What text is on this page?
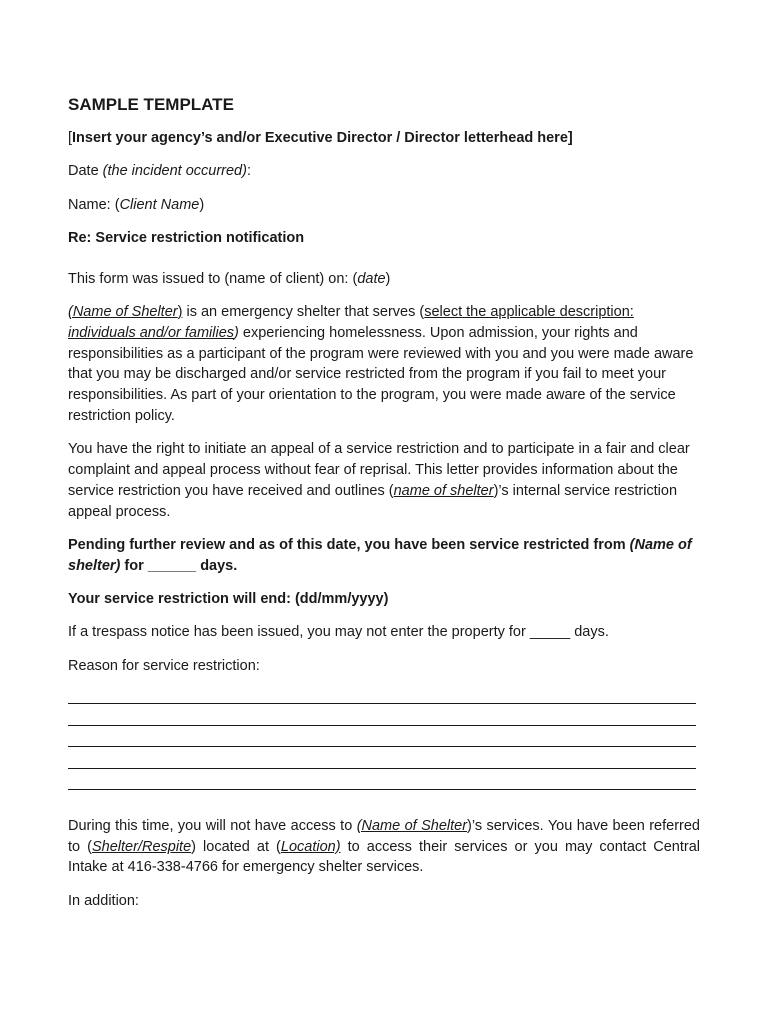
SAMPLE TEMPLATE

[Insert your agency’s and/or Executive Director / Director letterhead here]

Date (the incident occurred):

Name: (Client Name)

Re: Service restriction notification

This form was issued to (name of client) on: (date)

(Name of Shelter) is an emergency shelter that serves (select the applicable description: individuals and/or families) experiencing homelessness. Upon admission, your rights and responsibilities as a participant of the program were reviewed with you and you were made aware that you may be discharged and/or service restricted from the program if you fail to meet your responsibilities. As part of your orientation to the program, you were made aware of the service restriction policy.

You have the right to initiate an appeal of a service restriction and to participate in a fair and clear complaint and appeal process without fear of reprisal. This letter provides information about the service restriction you have received and outlines (name of shelter)’s internal service restriction appeal process.

Pending further review and as of this date, you have been service restricted from (Name of shelter) for ______ days.

Your service restriction will end: (dd/mm/yyyy)

If a trespass notice has been issued, you may not enter the property for _____ days.

Reason for service restriction:

During this time, you will not have access to (Name of Shelter)’s services. You have been referred to (Shelter/Respite) located at (Location) to access their services or you may contact Central Intake at 416-338-4766 for emergency shelter services.

In addition:
